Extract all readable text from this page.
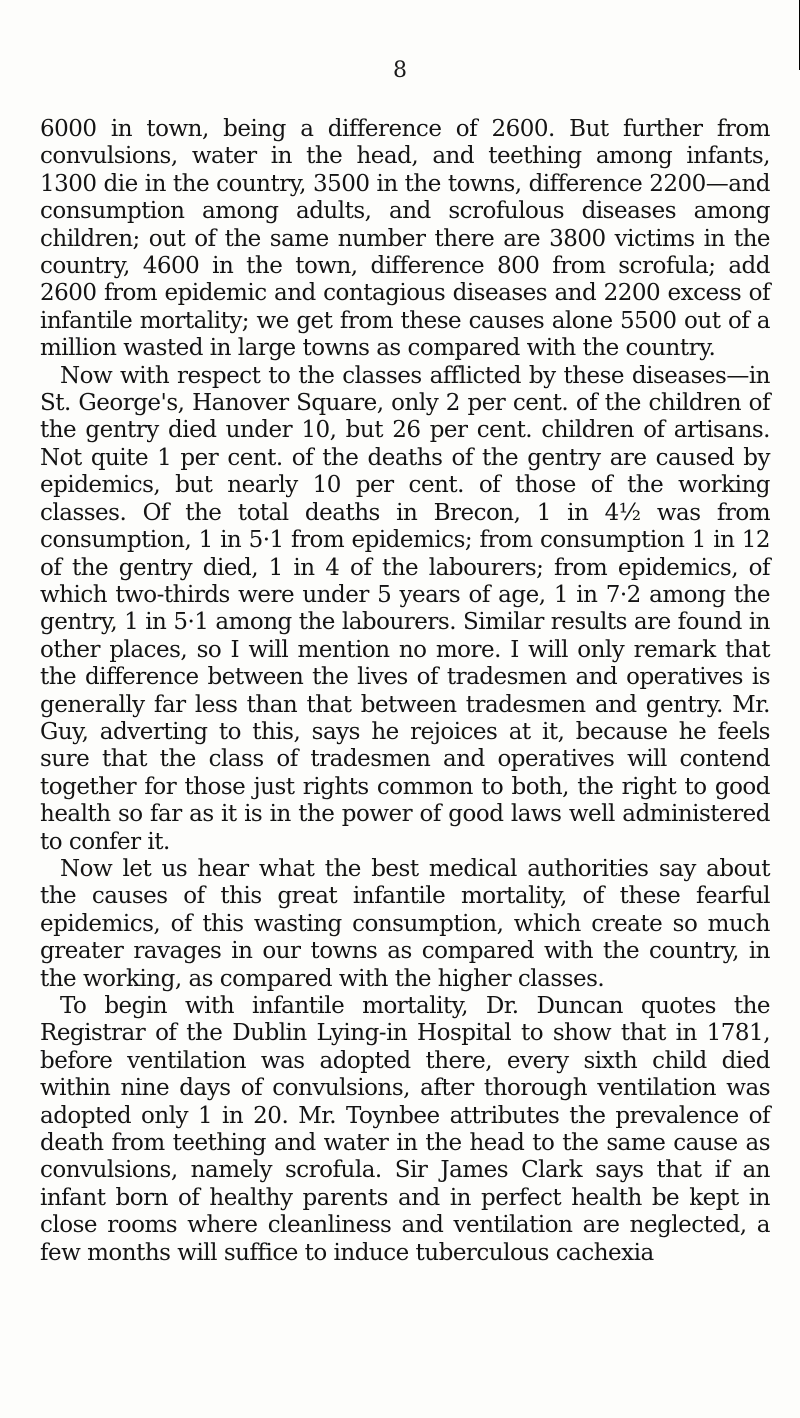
8

6000 in town, being a difference of 2600. But further from convulsions, water in the head, and teething among infants, 1300 die in the country, 3500 in the towns, difference 2200—and consumption among adults, and scrofulous diseases among children; out of the same number there are 3800 victims in the country, 4600 in the town, difference 800 from scrofula; add 2600 from epidemic and contagious diseases and 2200 excess of infantile mortality; we get from these causes alone 5500 out of a million wasted in large towns as compared with the country.

Now with respect to the classes afflicted by these diseases—in St. George's, Hanover Square, only 2 per cent. of the children of the gentry died under 10, but 26 per cent. children of artisans. Not quite 1 per cent. of the deaths of the gentry are caused by epidemics, but nearly 10 per cent. of those of the working classes. Of the total deaths in Brecon, 1 in 4½ was from consumption, 1 in 5·1 from epidemics; from consumption 1 in 12 of the gentry died, 1 in 4 of the labourers; from epidemics, of which two-thirds were under 5 years of age, 1 in 7·2 among the gentry, 1 in 5·1 among the labourers. Similar results are found in other places, so I will mention no more. I will only remark that the difference between the lives of tradesmen and operatives is generally far less than that between tradesmen and gentry. Mr. Guy, adverting to this, says he rejoices at it, because he feels sure that the class of tradesmen and operatives will contend together for those just rights common to both, the right to good health so far as it is in the power of good laws well administered to confer it.

Now let us hear what the best medical authorities say about the causes of this great infantile mortality, of these fearful epidemics, of this wasting consumption, which create so much greater ravages in our towns as compared with the country, in the working, as compared with the higher classes.

To begin with infantile mortality, Dr. Duncan quotes the Registrar of the Dublin Lying-in Hospital to show that in 1781, before ventilation was adopted there, every sixth child died within nine days of convulsions, after thorough ventilation was adopted only 1 in 20. Mr. Toynbee attributes the prevalence of death from teething and water in the head to the same cause as convulsions, namely scrofula. Sir James Clark says that if an infant born of healthy parents and in perfect health be kept in close rooms where cleanliness and ventilation are neglected, a few months will suffice to induce tuberculous cachexia
